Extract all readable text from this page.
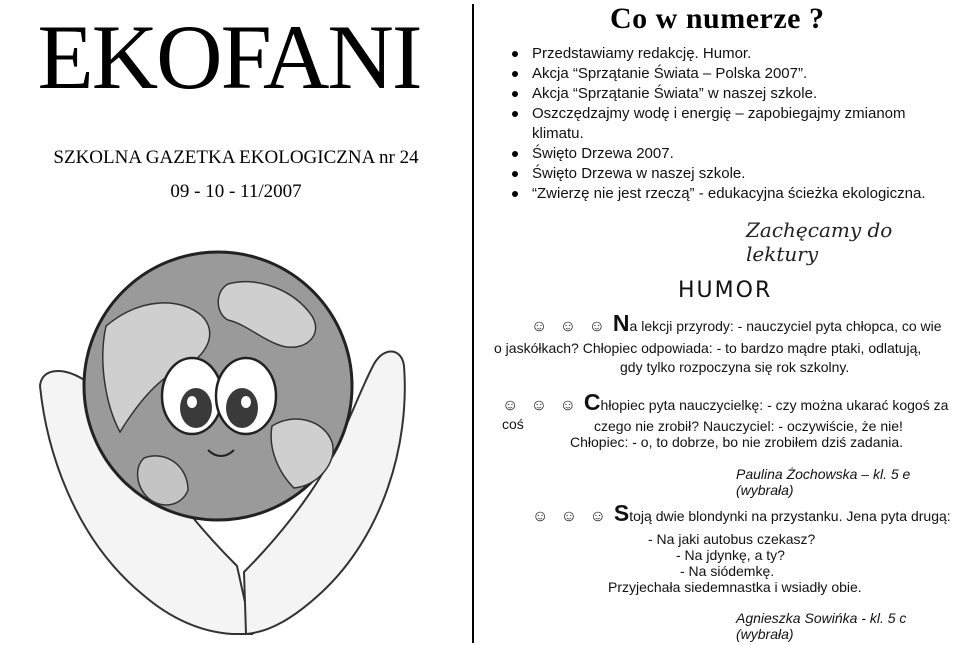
EKOFANI
SZKOLNA GAZETKA EKOLOGICZNA nr 24
09 - 10 - 11/2007
Co w numerze ?
Przedstawiamy redakcję. Humor.
Akcja “Sprzątanie Świata – Polska 2007”.
Akcja “Sprzątanie Świata” w naszej szkole.
Oszczędzajmy wodę i energię – zapobiegajmy zmianom klimatu.
Święto Drzewa 2007.
Święto Drzewa w naszej szkole.
“Zwierzę nie jest rzeczą” - edukacyjna ścieżka ekologiczna.
Zachęcamy do lektury
HUMOR
☺ ☺ ☺ Na lekcji przyrody: - nauczyciel pyta chłopca, co wie
o jaskółkach? Chłopiec odpowiada: - to bardzo mądre ptaki, odlatują,
gdy tylko rozpoczyna się rok szkolny.
☺ ☺ ☺ Chłopiec pyta nauczycielkę: - czy można ukarać kogoś za coś	czego nie zrobił? Nauczyciel: - oczywiście, że nie!
Chłopiec: - o, to dobrze, bo nie zrobiłem dziś zadania.
Paulina Żochowska – kl. 5 e (wybrała)
☺ ☺ ☺ Stoją dwie blondynki na przystanku. Jena pyta drugą:
- Na jaki autobus czekasz?
- Na jdynkę, a ty?
- Na siódemkę.
Przyjechała siedemnastka i wsiadły obie.
Agnieszka Sowińka - kl. 5 c (wybrała)
